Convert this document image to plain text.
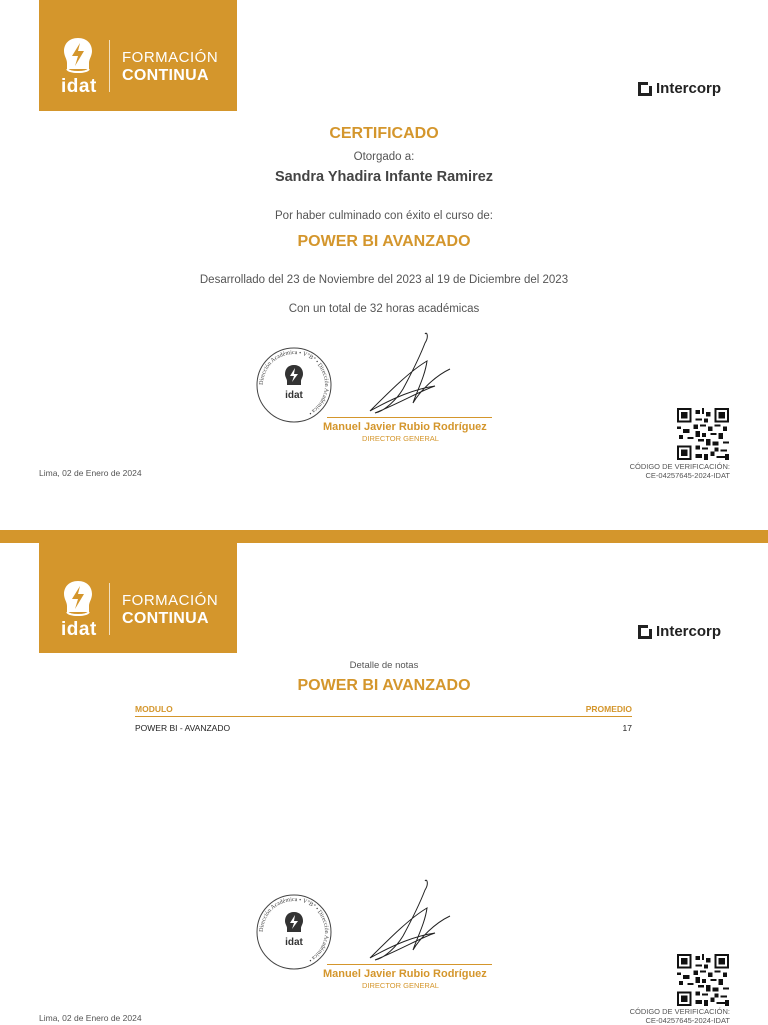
idat
FORMACIÓN
CONTINUA
Intercorp
CERTIFICADO
Otorgado a:
Sandra Yhadira Infante Ramirez
Por haber culminado con éxito el curso de:
POWER BI AVANZADO
Desarrollado del 23 de Noviembre del 2023 al 19 de Diciembre del 2023
Con un total de 32 horas académicas
Dirección Académica • V°B° • Dirección Académica •
idat
Manuel Javier Rubio Rodríguez
DIRECTOR GENERAL
CÓDIGO DE VERIFICACIÓN:
CE-04257645-2024-IDAT
Lima, 02 de Enero de 2024
idat
FORMACIÓN
CONTINUA
Intercorp
Detalle de notas
POWER BI AVANZADO
MODULO	PROMEDIO
POWER BI - AVANZADO	17
Dirección Académica • V°B° • Dirección Académica •
idat
Manuel Javier Rubio Rodríguez
DIRECTOR GENERAL
CÓDIGO DE VERIFICACIÓN:
CE-04257645-2024-IDAT
Lima, 02 de Enero de 2024
